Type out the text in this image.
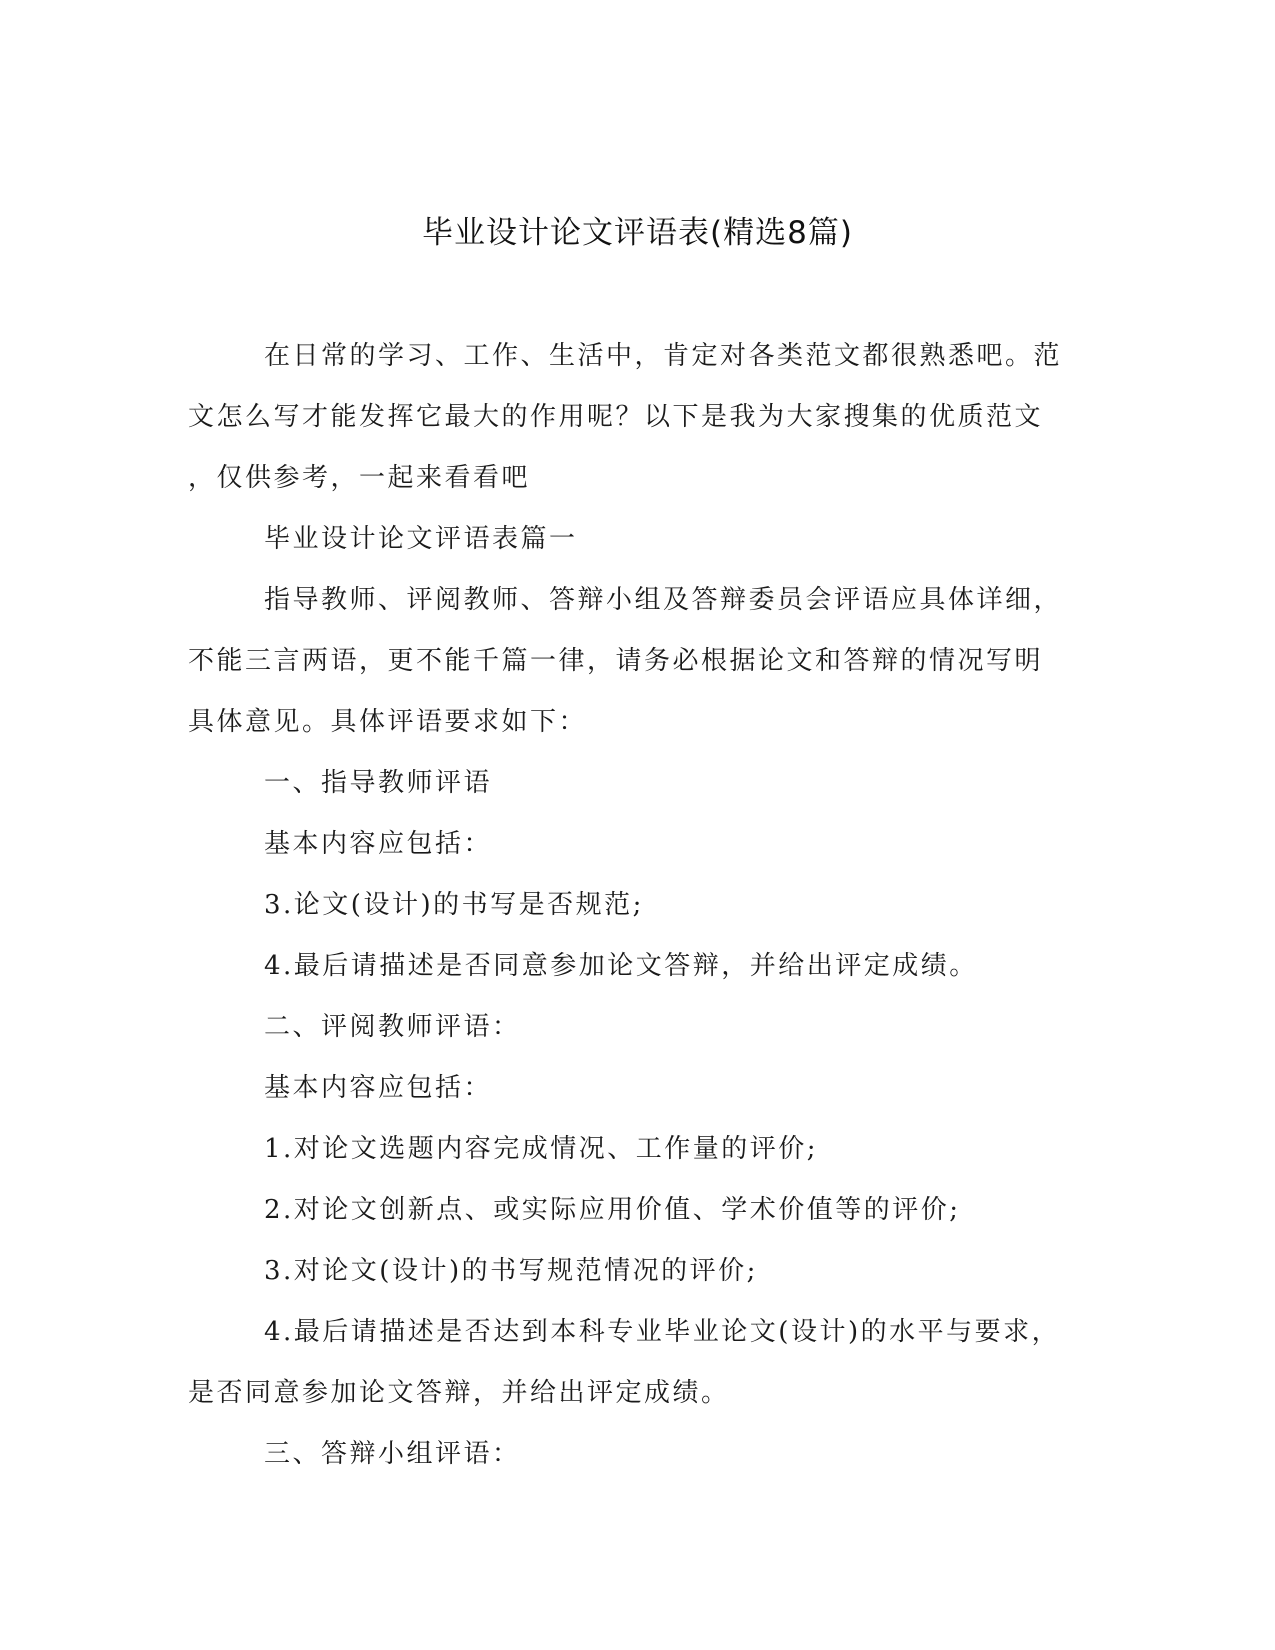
毕业设计论文评语表(精选8篇)

在日常的学习、工作、生活中，肯定对各类范文都很熟悉吧。范
文怎么写才能发挥它最大的作用呢？以下是我为大家搜集的优质范文
，仅供参考，一起来看看吧

毕业设计论文评语表篇一

指导教师、评阅教师、答辩小组及答辩委员会评语应具体详细，
不能三言两语，更不能千篇一律，请务必根据论文和答辩的情况写明
具体意见。具体评语要求如下：

一、指导教师评语

基本内容应包括：

3.论文(设计)的书写是否规范;

4.最后请描述是否同意参加论文答辩，并给出评定成绩。

二、评阅教师评语：

基本内容应包括：

1.对论文选题内容完成情况、工作量的评价;

2.对论文创新点、或实际应用价值、学术价值等的评价;

3.对论文(设计)的书写规范情况的评价;

4.最后请描述是否达到本科专业毕业论文(设计)的水平与要求，
是否同意参加论文答辩，并给出评定成绩。

三、答辩小组评语：
